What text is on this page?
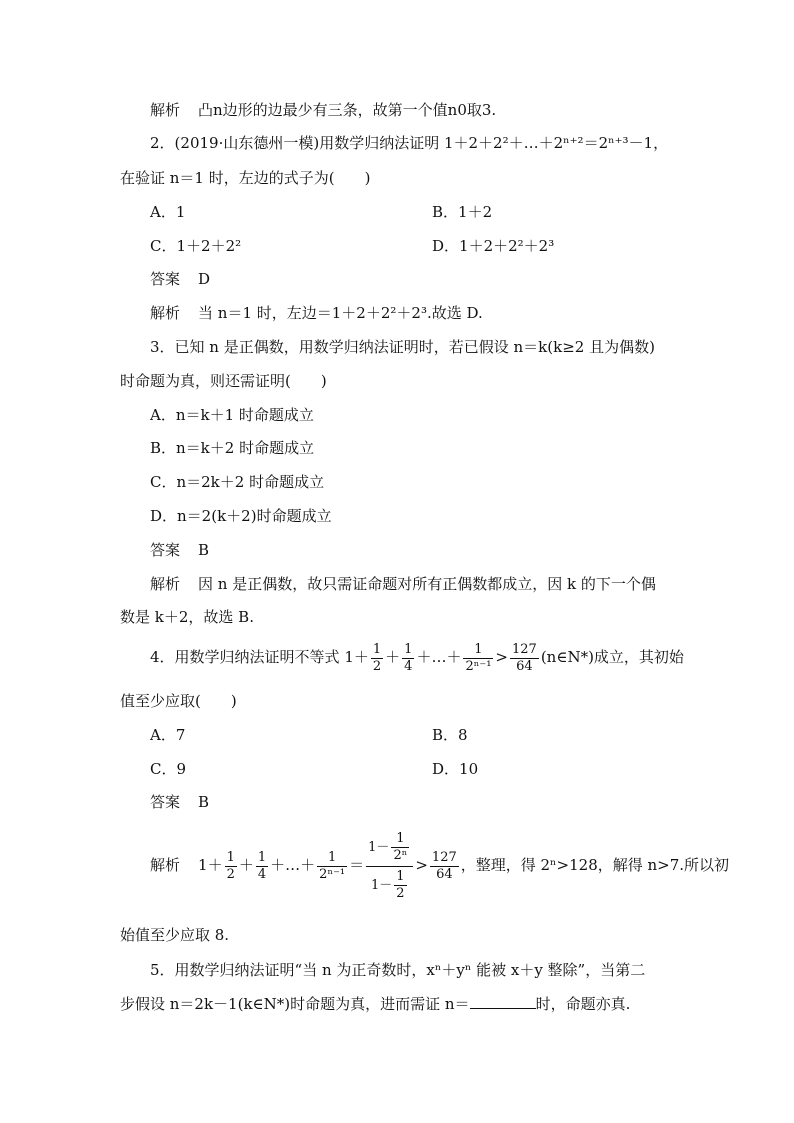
解析 凸n边形的边最少有三条，故第一个值n0取3.
2．(2019·山东德州一模)用数学归纳法证明 1＋2＋2²＋…＋2ⁿ⁺²＝2ⁿ⁺³－1，
在验证 n＝1 时，左边的式子为(　　)
A．1	B．1＋2
C．1＋2＋2²	D．1＋2＋2²＋2³
答案 D
解析 当 n＝1 时，左边＝1＋2＋2²＋2³.故选 D.
3．已知 n 是正偶数，用数学归纳法证明时，若已假设 n＝k(k≥2 且为偶数)
时命题为真，则还需证明(　　)
A．n＝k＋1 时命题成立
B．n＝k＋2 时命题成立
C．n＝2k＋2 时命题成立
D．n＝2(k＋2)时命题成立
答案 B
解析 因 n 是正偶数，故只需证命题对所有正偶数都成立，因 k 的下一个偶
数是 k＋2，故选 B.
4．用数学归纳法证明不等式 $1+ \frac{1}{2} + \frac{1}{4}$ ＋…＋ $\frac{1}{\text{2ⁿ⁻¹}} > \frac{127}{64}$ (n∈N*)成立，其初始
值至少应取(　　)
A．7	B．8
C．9	D．10
答案 B
解析 $1+ \frac{1}{2} + \frac{1}{4}$ ＋…＋ $\frac{1}{\text{2ⁿ⁻¹}} = \frac{1- \frac{1}{\text{2ⁿ}}}{1- \frac{1}{2}} > \frac{127}{64}$ ，整理，得 2ⁿ>128，解得 n>7.所以初
始值至少应取 8.
5．用数学归纳法证明“当 n 为正奇数时，xⁿ＋yⁿ 能被 x＋y 整除”，当第二
步假设 n＝2k－1(k∈N*)时命题为真，进而需证 n＝	时，命题亦真.
